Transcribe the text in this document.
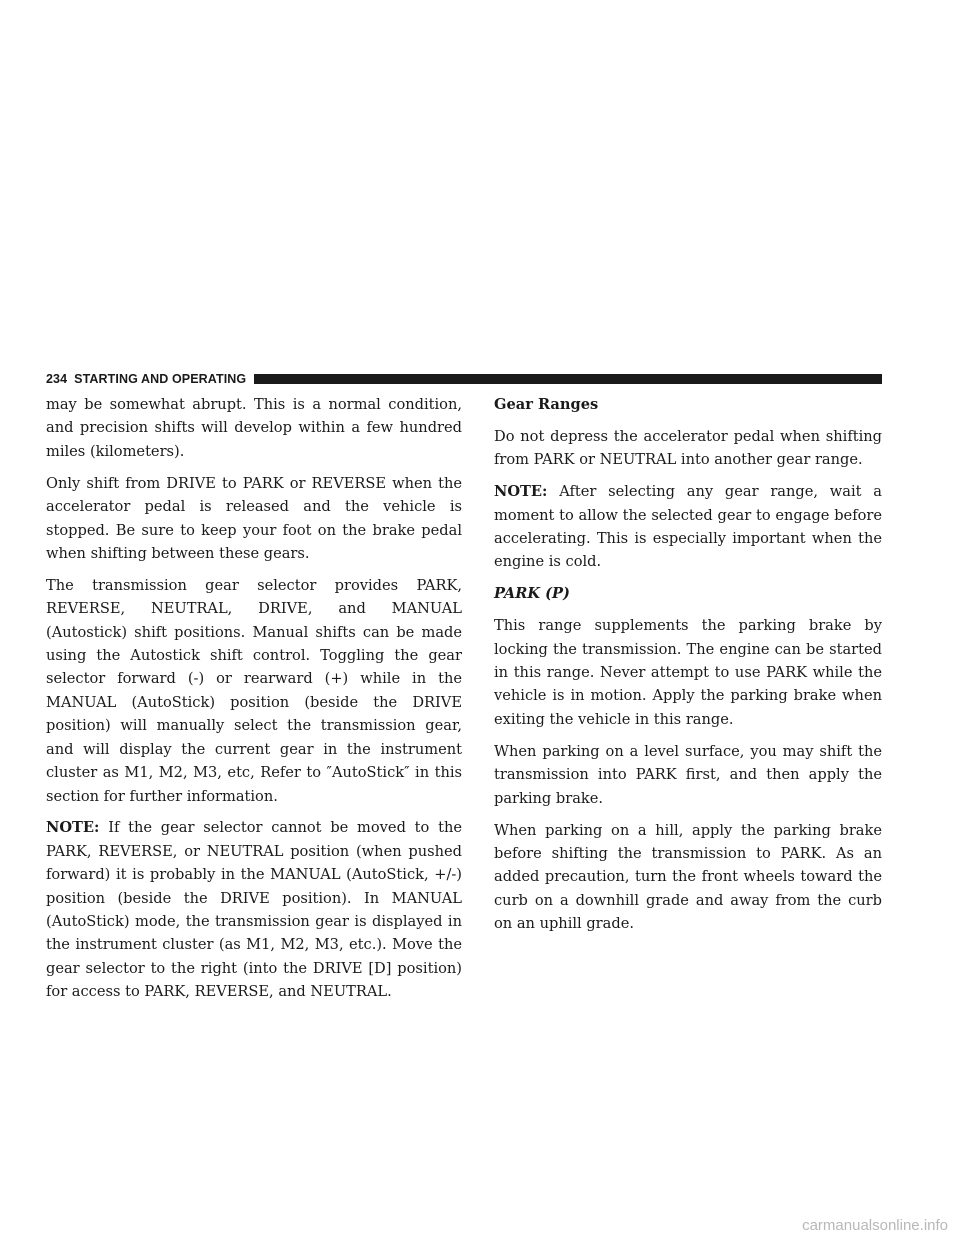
234 STARTING AND OPERATING

may be somewhat abrupt. This is a normal condition, and precision shifts will develop within a few hundred miles (kilometers).

Only shift from DRIVE to PARK or REVERSE when the accelerator pedal is released and the vehicle is stopped. Be sure to keep your foot on the brake pedal when shifting between these gears.

The transmission gear selector provides PARK, REVERSE, NEUTRAL, DRIVE, and MANUAL (Autostick) shift positions. Manual shifts can be made using the Autostick shift control. Toggling the gear selector forward (-) or rearward (+) while in the MANUAL (AutoStick) position (beside the DRIVE position) will manually select the transmission gear, and will display the current gear in the instrument cluster as M1, M2, M3, etc, Refer to ″AutoStick″ in this section for further information.

NOTE: If the gear selector cannot be moved to the PARK, REVERSE, or NEUTRAL position (when pushed forward) it is probably in the MANUAL (AutoStick, +/-) position (beside the DRIVE position). In MANUAL (AutoStick) mode, the transmission gear is displayed in the instrument cluster (as M1, M2, M3, etc.). Move the gear selector to the right (into the DRIVE [D] position) for access to PARK, REVERSE, and NEUTRAL.

Gear Ranges

Do not depress the accelerator pedal when shifting from PARK or NEUTRAL into another gear range.

NOTE: After selecting any gear range, wait a moment to allow the selected gear to engage before accelerating. This is especially important when the engine is cold.

PARK (P)

This range supplements the parking brake by locking the transmission. The engine can be started in this range. Never attempt to use PARK while the vehicle is in motion. Apply the parking brake when exiting the vehicle in this range.

When parking on a level surface, you may shift the transmission into PARK first, and then apply the parking brake.

When parking on a hill, apply the parking brake before shifting the transmission to PARK. As an added precaution, turn the front wheels toward the curb on a downhill grade and away from the curb on an uphill grade.

carmanualsonline.info
